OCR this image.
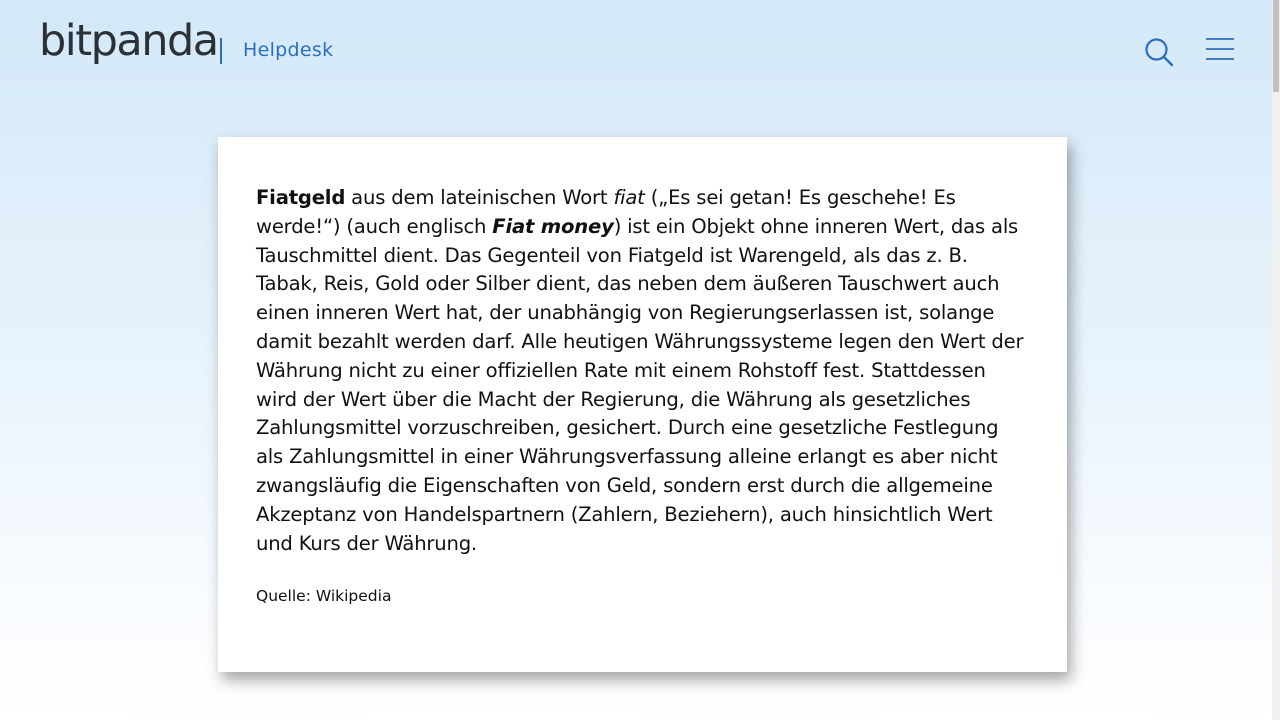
bitpanda Helpdesk

Fiatgeld aus dem lateinischen Wort fiat („Es sei getan! Es geschehe! Es werde!“) (auch englisch Fiat money) ist ein Objekt ohne inneren Wert, das als Tauschmittel dient. Das Gegenteil von Fiatgeld ist Warengeld, als das z. B. Tabak, Reis, Gold oder Silber dient, das neben dem äußeren Tauschwert auch einen inneren Wert hat, der unabhängig von Regierungserlassen ist, solange damit bezahlt werden darf. Alle heutigen Währungssysteme legen den Wert der Währung nicht zu einer offiziellen Rate mit einem Rohstoff fest. Stattdessen wird der Wert über die Macht der Regierung, die Währung als gesetzliches Zahlungsmittel vorzuschreiben, gesichert. Durch eine gesetzliche Festlegung als Zahlungsmittel in einer Währungsverfassung alleine erlangt es aber nicht zwangsläufig die Eigenschaften von Geld, sondern erst durch die allgemeine Akzeptanz von Handelspartnern (Zahlern, Beziehern), auch hinsichtlich Wert und Kurs der Währung.

Quelle: Wikipedia
